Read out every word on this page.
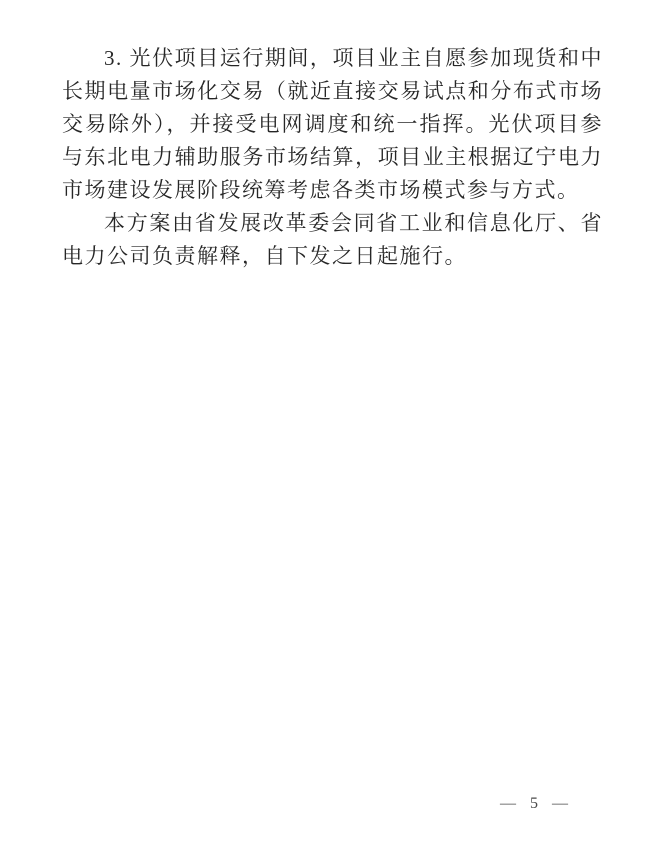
3. 光伏项目运行期间，项目业主自愿参加现货和中长期电量市场化交易（就近直接交易试点和分布式市场交易除外），并接受电网调度和统一指挥。光伏项目参与东北电力辅助服务市场结算，项目业主根据辽宁电力市场建设发展阶段统筹考虑各类市场模式参与方式。

本方案由省发展改革委会同省工业和信息化厅、省电力公司负责解释，自下发之日起施行。

— 5 —
